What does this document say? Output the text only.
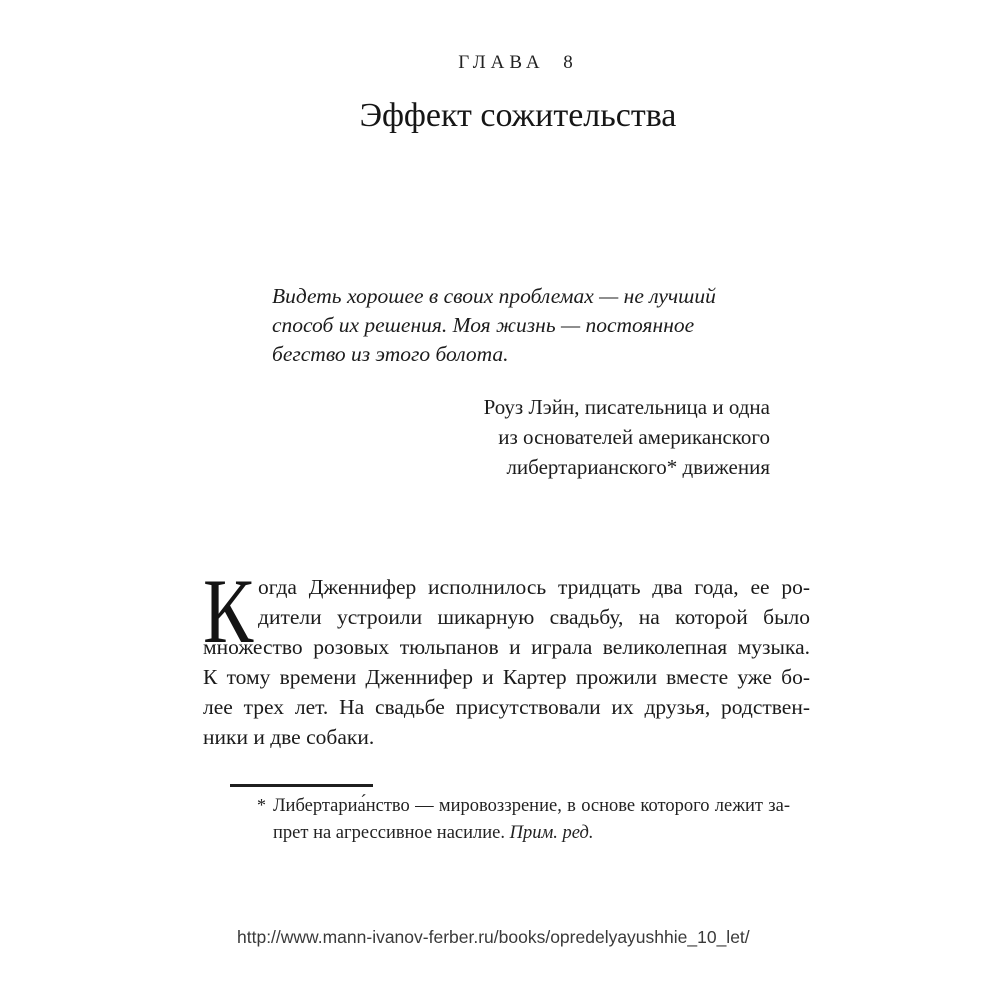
ГЛАВА 8
Эффект сожительства
Видеть хорошее в своих проблемах — не лучший
способ их решения. Моя жизнь — постоянное
бегство из этого болота.
Роуз Лэйн, писательница и одна
из основателей американского
либертарианского* движения
К огда Дженнифер исполнилось тридцать два года, ее ро-
дители устроили шикарную свадьбу, на которой было
множество розовых тюльпанов и играла великолепная музыка.
К тому времени Дженнифер и Картер прожили вместе уже бо-
лее трех лет. На свадьбе присутствовали их друзья, родствен-
ники и две собаки.
* Либертариа́нство — мировоззрение, в основе которого лежит за-
прет на агрессивное насилие. Прим. ред.
http://www.mann-ivanov-ferber.ru/books/opredelyayushhie_10_let/
